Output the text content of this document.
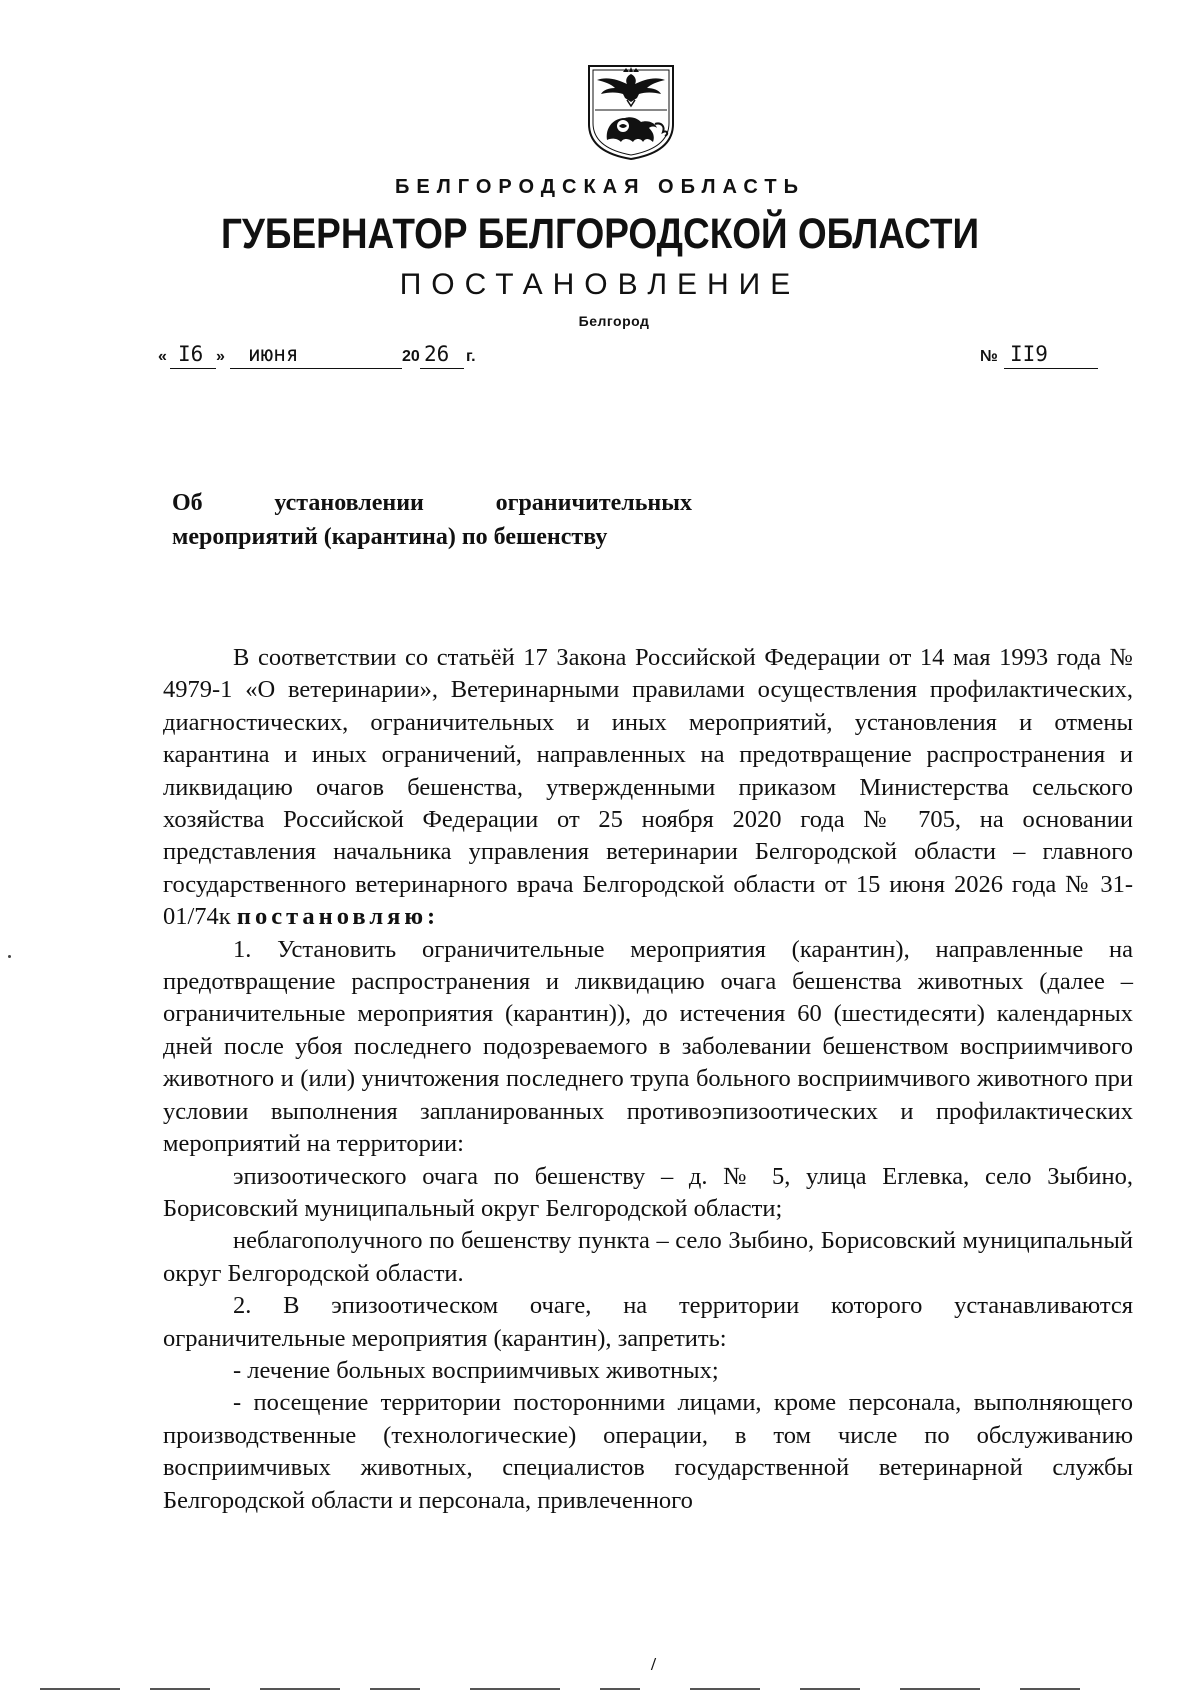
БЕЛГОРОДСКАЯ ОБЛАСТЬ
ГУБЕРНАТОР БЕЛГОРОДСКОЙ ОБЛАСТИ
ПОСТАНОВЛЕНИЕ
Белгород
« I6 » июня	20 26 г.	№ II9
Об	установлении	ограничительных
мероприятий (карантина) по бешенству

В соответствии со статьёй 17 Закона Российской Федерации от 14 мая 1993 года № 4979-1 «О ветеринарии», Ветеринарными правилами осуществления профилактических, диагностических, ограничительных и иных мероприятий, установления и отмены карантина и иных ограничений, направленных на предотвращение распространения и ликвидацию очагов бешенства, утвержденными приказом Министерства сельского хозяйства Российской Федерации от 25 ноября 2020 года № 705, на основании представления начальника управления ветеринарии Белгородской области – главного государственного ветеринарного врача Белгородской области от 15 июня 2026 года № 31-01/74к постановляю:

1. Установить ограничительные мероприятия (карантин), направленные на предотвращение распространения и ликвидацию очага бешенства животных (далее – ограничительные мероприятия (карантин)), до истечения 60 (шестидесяти) календарных дней после убоя последнего подозреваемого в заболевании бешенством восприимчивого животного и (или) уничтожения последнего трупа больного восприимчивого животного при условии выполнения запланированных противоэпизоотических и профилактических мероприятий на территории:

эпизоотического очага по бешенству – д. № 5, улица Еглевка, село Зыбино, Борисовский муниципальный округ Белгородской области;

неблагополучного по бешенству пункта – село Зыбино, Борисовский муниципальный округ Белгородской области.

2. В эпизоотическом очаге, на территории которого устанавливаются ограничительные мероприятия (карантин), запретить:

- лечение больных восприимчивых животных;

- посещение территории посторонними лицами, кроме персонала, выполняющего производственные (технологические) операции, в том числе по обслуживанию восприимчивых животных, специалистов государственной ветеринарной службы Белгородской области и персонала, привлеченного

/
